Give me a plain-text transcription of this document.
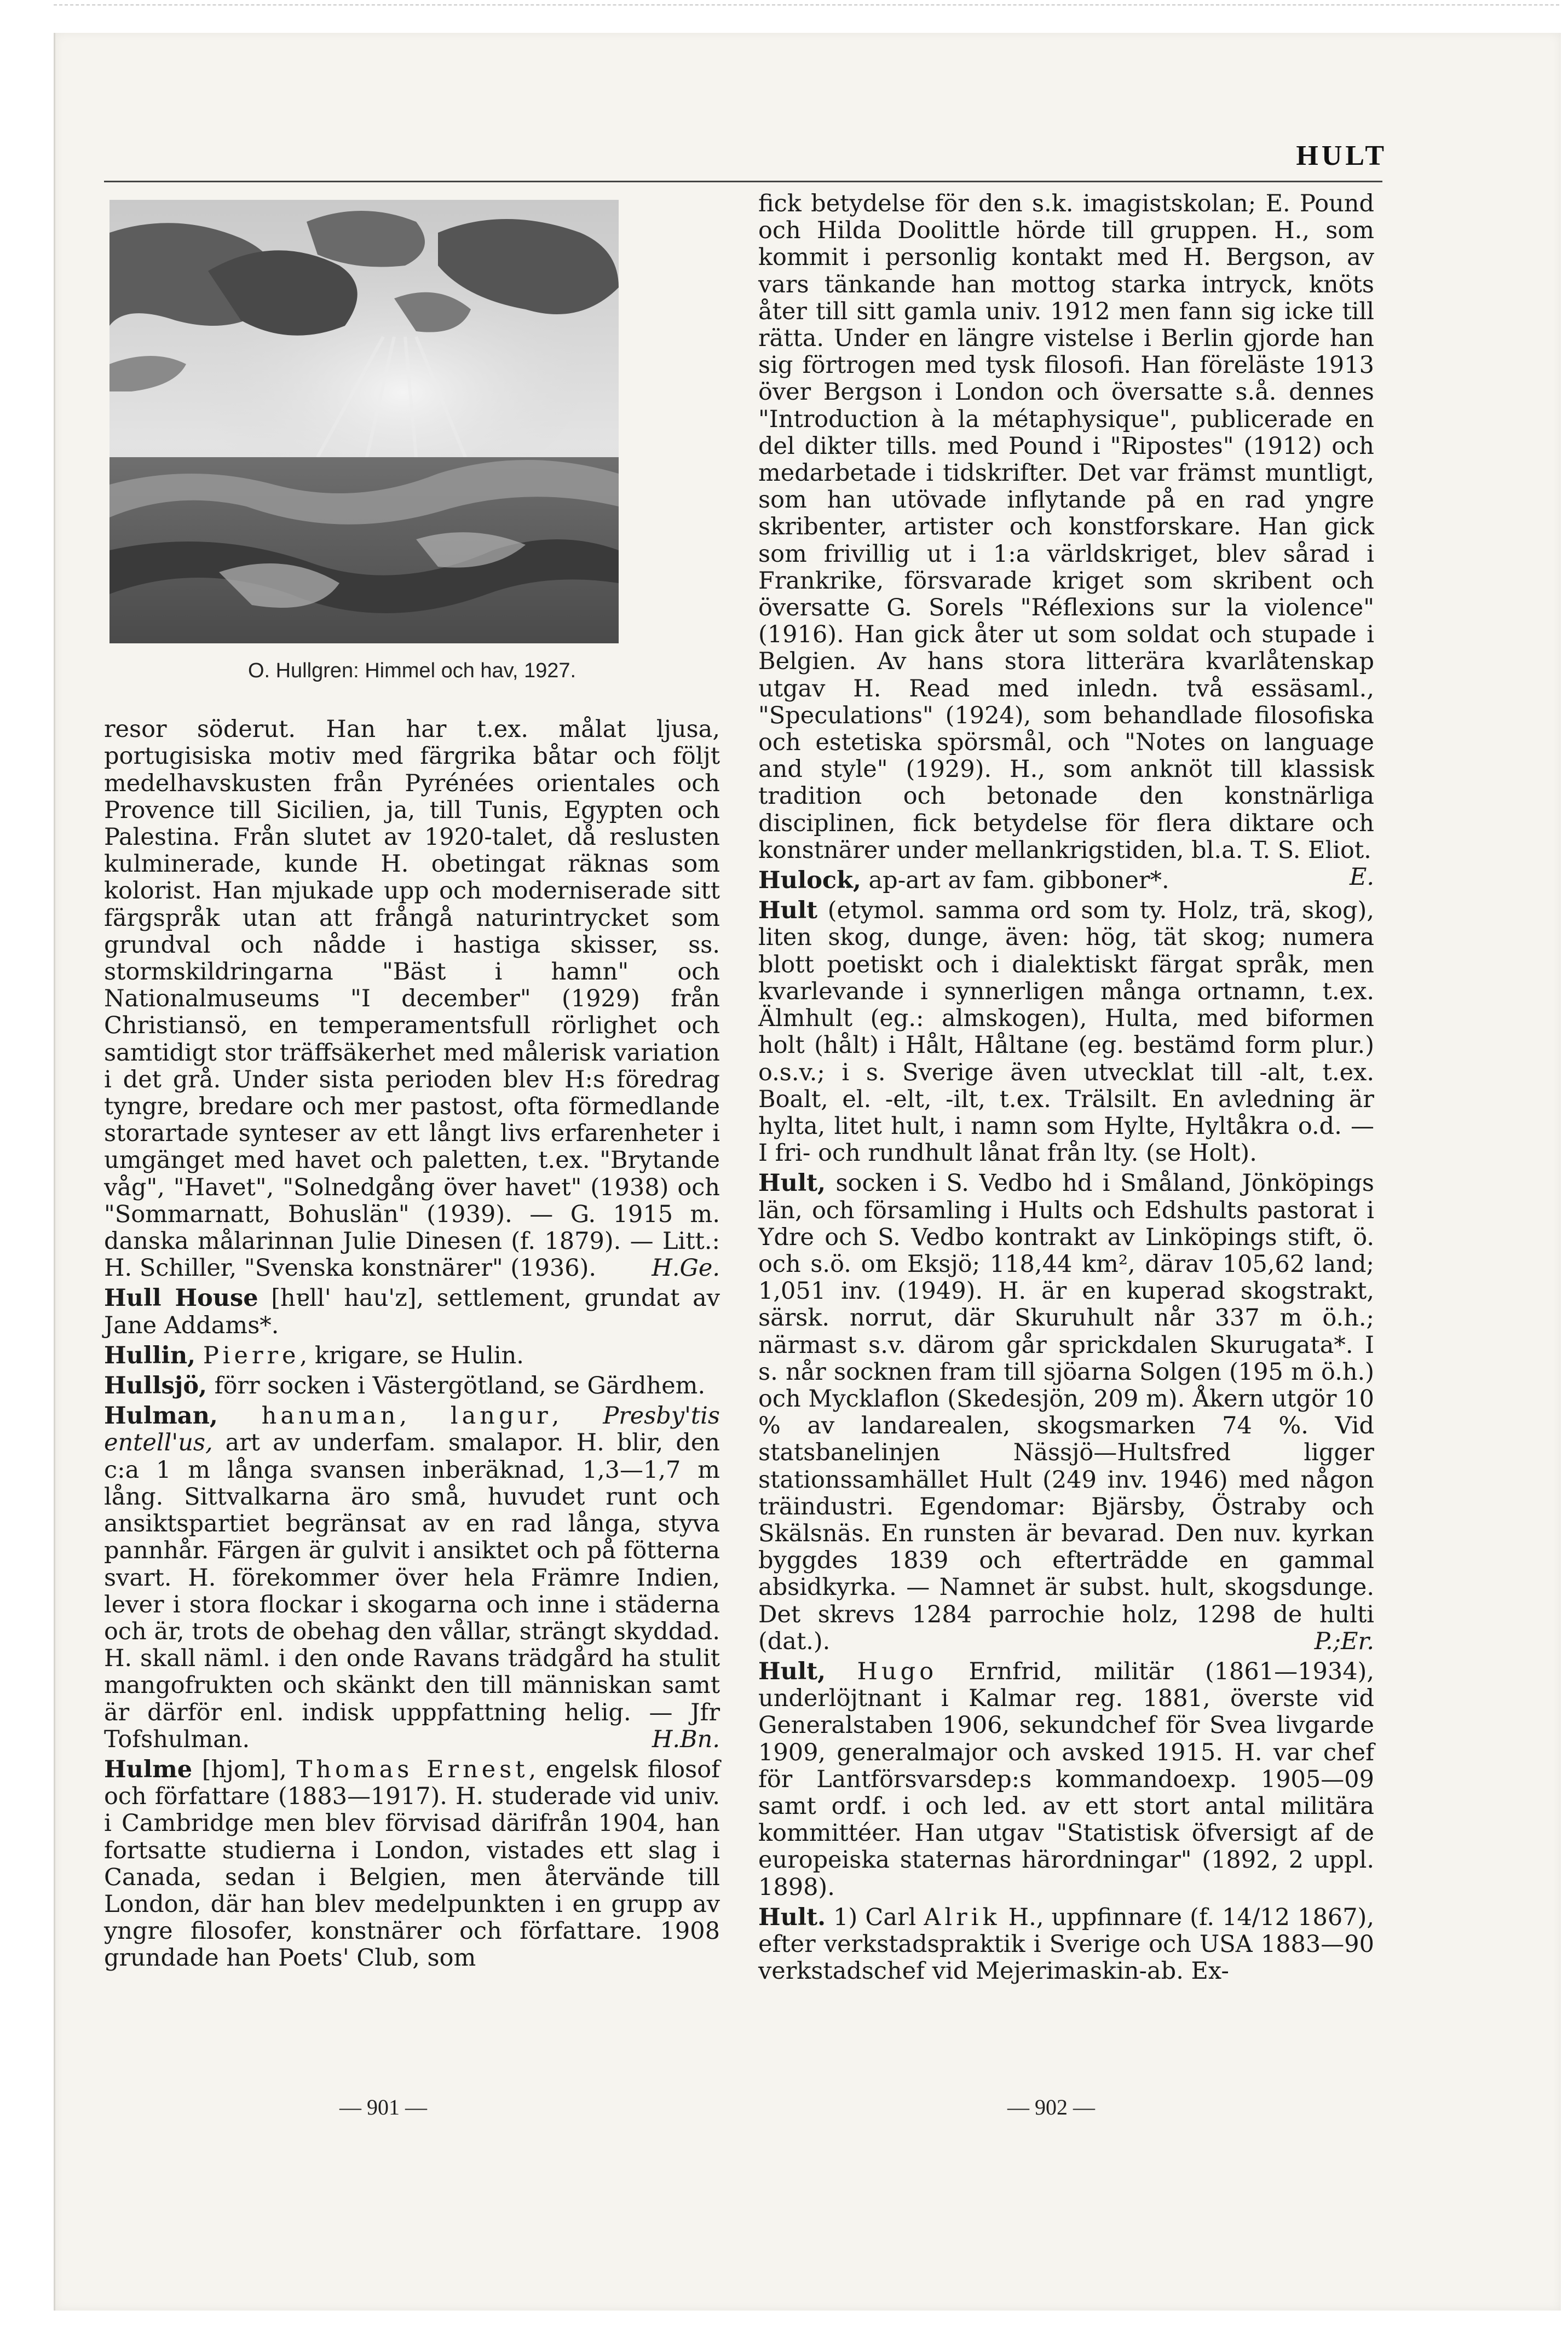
HULT
O. Hullgren: Himmel och hav, 1927.

resor söderut. Han har t.ex. målat ljusa, portugisiska motiv med färgrika båtar och följt medelhavskusten från Pyrénées orientales och Provence till Sicilien, ja, till Tunis, Egypten och Palestina. Från slutet av 1920-talet, då reslusten kulminerade, kunde H. obetingat räknas som kolorist. Han mjukade upp och moderniserade sitt färgspråk utan att frångå naturintrycket som grundval och nådde i hastiga skisser, ss. stormskildringarna "Bäst i hamn" och Nationalmuseums "I december" (1929) från Christiansö, en temperamentsfull rörlighet och samtidigt stor träffsäkerhet med målerisk variation i det grå. Under sista perioden blev H:s föredrag tyngre, bredare och mer pastost, ofta förmedlande storartade synteser av ett långt livs erfarenheter i umgänget med havet och paletten, t.ex. "Brytande våg", "Havet", "Solnedgång över havet" (1938) och "Sommarnatt, Bohuslän" (1939). — G. 1915 m. danska målarinnan Julie Dinesen (f. 1879). — Litt.: H. Schiller, "Svenska konstnärer" (1936). H.Ge.

Hull House [hɐll' hau'z], settlement, grundat av Jane Addams*.

Hullin, Pierre, krigare, se Hulin.

Hullsjö, förr socken i Västergötland, se Gärdhem.

Hulman, hanuman, langur, Presby'tis entell'us, art av underfam. smalapor. H. blir, den c:a 1 m långa svansen inberäknad, 1,3—1,7 m lång. Sittvalkarna äro små, huvudet runt och ansiktspartiet begränsat av en rad långa, styva pannhår. Färgen är gulvit i ansiktet och på fötterna svart. H. förekommer över hela Främre Indien, lever i stora flockar i skogarna och inne i städerna och är, trots de obehag den vållar, strängt skyddad. H. skall näml. i den onde Ravans trädgård ha stulit mangofrukten och skänkt den till människan samt är därför enl. indisk upppfattning helig. — Jfr Tofshulman.	H.Bn.

Hulme [hjom], Thomas Ernest, engelsk filosof och författare (1883—1917). H. studerade vid univ. i Cambridge men blev förvisad därifrån 1904, han fortsatte studierna i London, vistades ett slag i Canada, sedan i Belgien, men återvände till London, där han blev medelpunkten i en grupp av yngre filosofer, konstnärer och författare. 1908 grundade han Poets' Club, som

fick betydelse för den s.k. imagistskolan; E. Pound och Hilda Doolittle hörde till gruppen. H., som kommit i personlig kontakt med H. Bergson, av vars tänkande han mottog starka intryck, knöts åter till sitt gamla univ. 1912 men fann sig icke till rätta. Under en längre vistelse i Berlin gjorde han sig förtrogen med tysk filosofi. Han föreläste 1913 över Bergson i London och översatte s.å. dennes "Introduction à la métaphysique", publicerade en del dikter tills. med Pound i "Ripostes" (1912) och medarbetade i tidskrifter. Det var främst muntligt, som han utövade inflytande på en rad yngre skribenter, artister och konstforskare. Han gick som frivillig ut i 1:a världskriget, blev sårad i Frankrike, försvarade kriget som skribent och översatte G. Sorels "Réflexions sur la violence" (1916). Han gick åter ut som soldat och stupade i Belgien. Av hans stora litterära kvarlåtenskap utgav H. Read med inledn. två essäsaml., "Speculations" (1924), som behandlade filosofiska och estetiska spörsmål, och "Notes on language and style" (1929). H., som anknöt till klassisk tradition och betonade den konstnärliga disciplinen, fick betydelse för flera diktare och konstnärer under mellankrigstiden, bl.a. T. S. Eliot.
E.

Hulock, ap-art av fam. gibboner*.

Hult (etymol. samma ord som ty. Holz, trä, skog), liten skog, dunge, även: hög, tät skog; numera blott poetiskt och i dialektiskt färgat språk, men kvarlevande i synnerligen många ortnamn, t.ex. Älmhult (eg.: almskogen), Hulta, med biformen holt (hålt) i Hålt, Håltane (eg. bestämd form plur.) o.s.v.; i s. Sverige även utvecklat till -alt, t.ex. Boalt, el. -elt, -ilt, t.ex. Trälsilt. En avledning är hylta, litet hult, i namn som Hylte, Hyltåkra o.d. — I fri- och rundhult lånat från lty. (se Holt).

Hult, socken i S. Vedbo hd i Småland, Jönköpings län, och församling i Hults och Edshults pastorat i Ydre och S. Vedbo kontrakt av Linköpings stift, ö. och s.ö. om Eksjö; 118,44 km², därav 105,62 land; 1,051 inv. (1949). H. är en kuperad skogstrakt, särsk. norrut, där Skuruhult når 337 m ö.h.; närmast s.v. därom går sprickdalen Skurugata*. I s. når socknen fram till sjöarna Solgen (195 m ö.h.) och Mycklaflon (Skedesjön, 209 m). Åkern utgör 10 % av landarealen, skogsmarken 74 %. Vid statsbanelinjen Nässjö—Hultsfred ligger stationssamhället Hult (249 inv. 1946) med någon träindustri. Egendomar: Bjärsby, Östraby och Skälsnäs. En runsten är bevarad. Den nuv. kyrkan byggdes 1839 och efterträdde en gammal absidkyrka. — Namnet är subst. hult, skogsdunge. Det skrevs 1284 parrochie holz, 1298 de hulti (dat.).	P.;Er.

Hult, Hugo Ernfrid, militär (1861—1934), underlöjtnant i Kalmar reg. 1881, överste vid Generalstaben 1906, sekundchef för Svea livgarde 1909, generalmajor och avsked 1915. H. var chef för Lantförsvarsdep:s kommandoexp. 1905—09 samt ordf. i och led. av ett stort antal militära kommittéer. Han utgav "Statistisk öfversigt af de europeiska staternas härordningar" (1892, 2 uppl. 1898).

Hult. 1) Carl Alrik H., uppfinnare (f. 14/12 1867), efter verkstadspraktik i Sverige och USA 1883—90 verkstadschef vid Mejerimaskin-ab. Ex-

— 901 —	— 902 —
